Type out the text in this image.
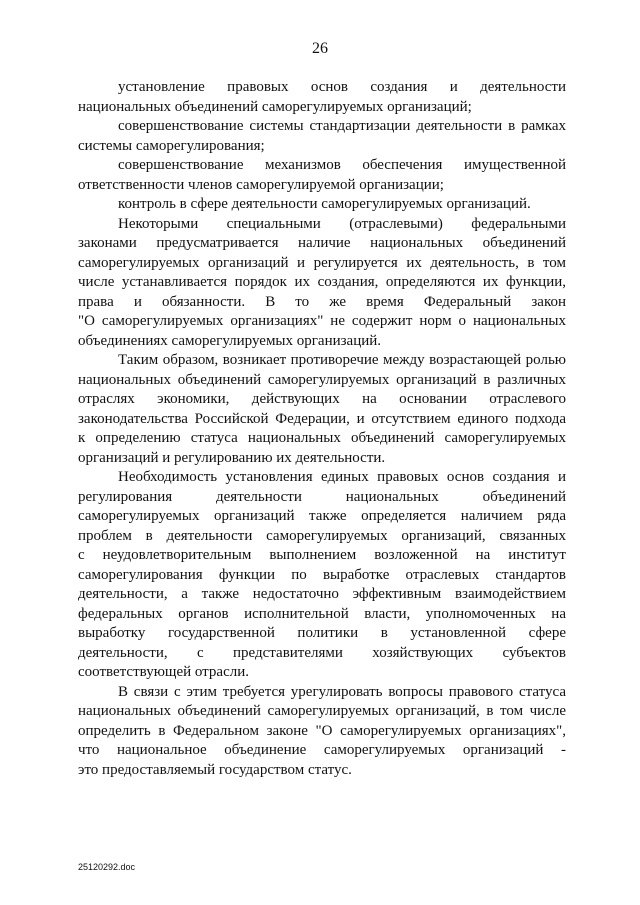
26
установление правовых основ создания и деятельности
национальных объединений саморегулируемых организаций;
совершенствование системы стандартизации деятельности в рамках
системы саморегулирования;
совершенствование механизмов обеспечения имущественной
ответственности членов саморегулируемой организации;
контроль в сфере деятельности саморегулируемых организаций.
Некоторыми специальными (отраслевыми) федеральными
законами предусматривается наличие национальных объединений
саморегулируемых организаций и регулируется их деятельность, в том
числе устанавливается порядок их создания, определяются их функции,
права и обязанности. В то же время Федеральный закон
"О саморегулируемых организациях" не содержит норм о национальных
объединениях саморегулируемых организаций.
Таким образом, возникает противоречие между возрастающей ролью
национальных объединений саморегулируемых организаций в различных
отраслях экономики, действующих на основании отраслевого
законодательства Российской Федерации, и отсутствием единого подхода
к определению статуса национальных объединений саморегулируемых
организаций и регулированию их деятельности.
Необходимость установления единых правовых основ создания и
регулирования деятельности национальных объединений
саморегулируемых организаций также определяется наличием ряда
проблем в деятельности саморегулируемых организаций, связанных
с неудовлетворительным выполнением возложенной на институт
саморегулирования функции по выработке отраслевых стандартов
деятельности, а также недостаточно эффективным взаимодействием
федеральных органов исполнительной власти, уполномоченных на
выработку государственной политики в установленной сфере
деятельности, с представителями хозяйствующих субъектов
соответствующей отрасли.
В связи с этим требуется урегулировать вопросы правового статуса
национальных объединений саморегулируемых организаций, в том числе
определить в Федеральном законе "О саморегулируемых организациях",
что национальное объединение саморегулируемых организаций -
это предоставляемый государством статус.
25120292.doc
